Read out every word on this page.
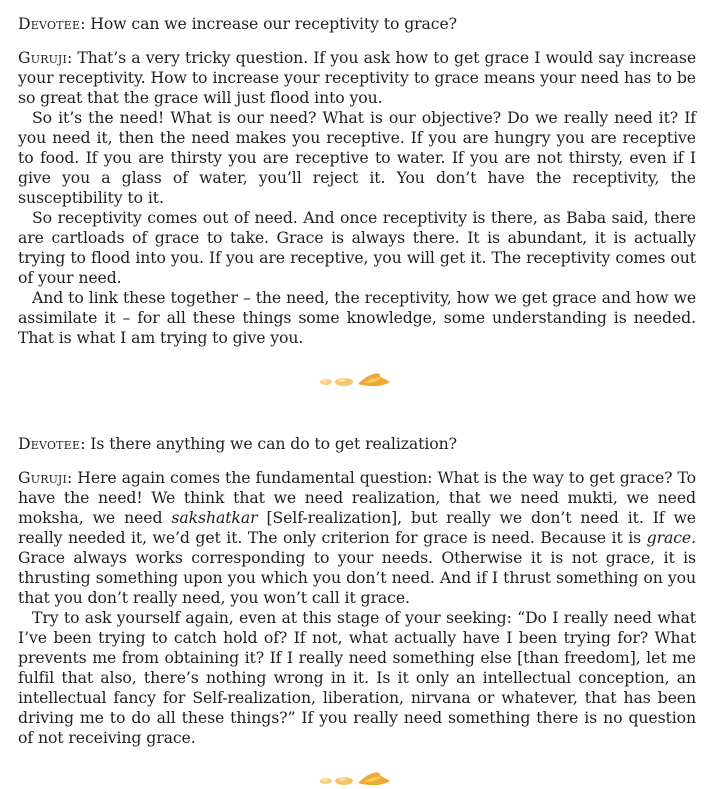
Devotee: How can we increase our receptivity to grace?

Guruji: That’s a very tricky question. If you ask how to get grace I would say increase your receptivity. How to increase your receptivity to grace means your need has to be so great that the grace will just flood into you.

So it’s the need! What is our need? What is our objective? Do we really need it? If you need it, then the need makes you receptive. If you are hungry you are receptive to food. If you are thirsty you are receptive to water. If you are not thirsty, even if I give you a glass of water, you’ll reject it. You don’t have the receptivity, the susceptibility to it.

So receptivity comes out of need. And once receptivity is there, as Baba said, there are cartloads of grace to take. Grace is always there. It is abundant, it is actually trying to flood into you. If you are receptive, you will get it. The receptivity comes out of your need.

And to link these together – the need, the receptivity, how we get grace and how we assimilate it – for all these things some knowledge, some understanding is needed. That is what I am trying to give you.

Devotee: Is there anything we can do to get realization?

Guruji: Here again comes the fundamental question: What is the way to get grace? To have the need! We think that we need realization, that we need mukti, we need moksha, we need sakshatkar [Self-realization], but really we don’t need it. If we really needed it, we’d get it. The only criterion for grace is need. Because it is grace. Grace always works corresponding to your needs. Otherwise it is not grace, it is thrusting something upon you which you don’t need. And if I thrust something on you that you don’t really need, you won’t call it grace.

Try to ask yourself again, even at this stage of your seeking: “Do I really need what I’ve been trying to catch hold of? If not, what actually have I been trying for? What prevents me from obtaining it? If I really need something else [than freedom], let me fulfil that also, there’s nothing wrong in it. Is it only an intellectual conception, an intellectual fancy for Self-realization, liberation, nirvana or whatever, that has been driving me to do all these things?” If you really need something there is no question of not receiving grace.
